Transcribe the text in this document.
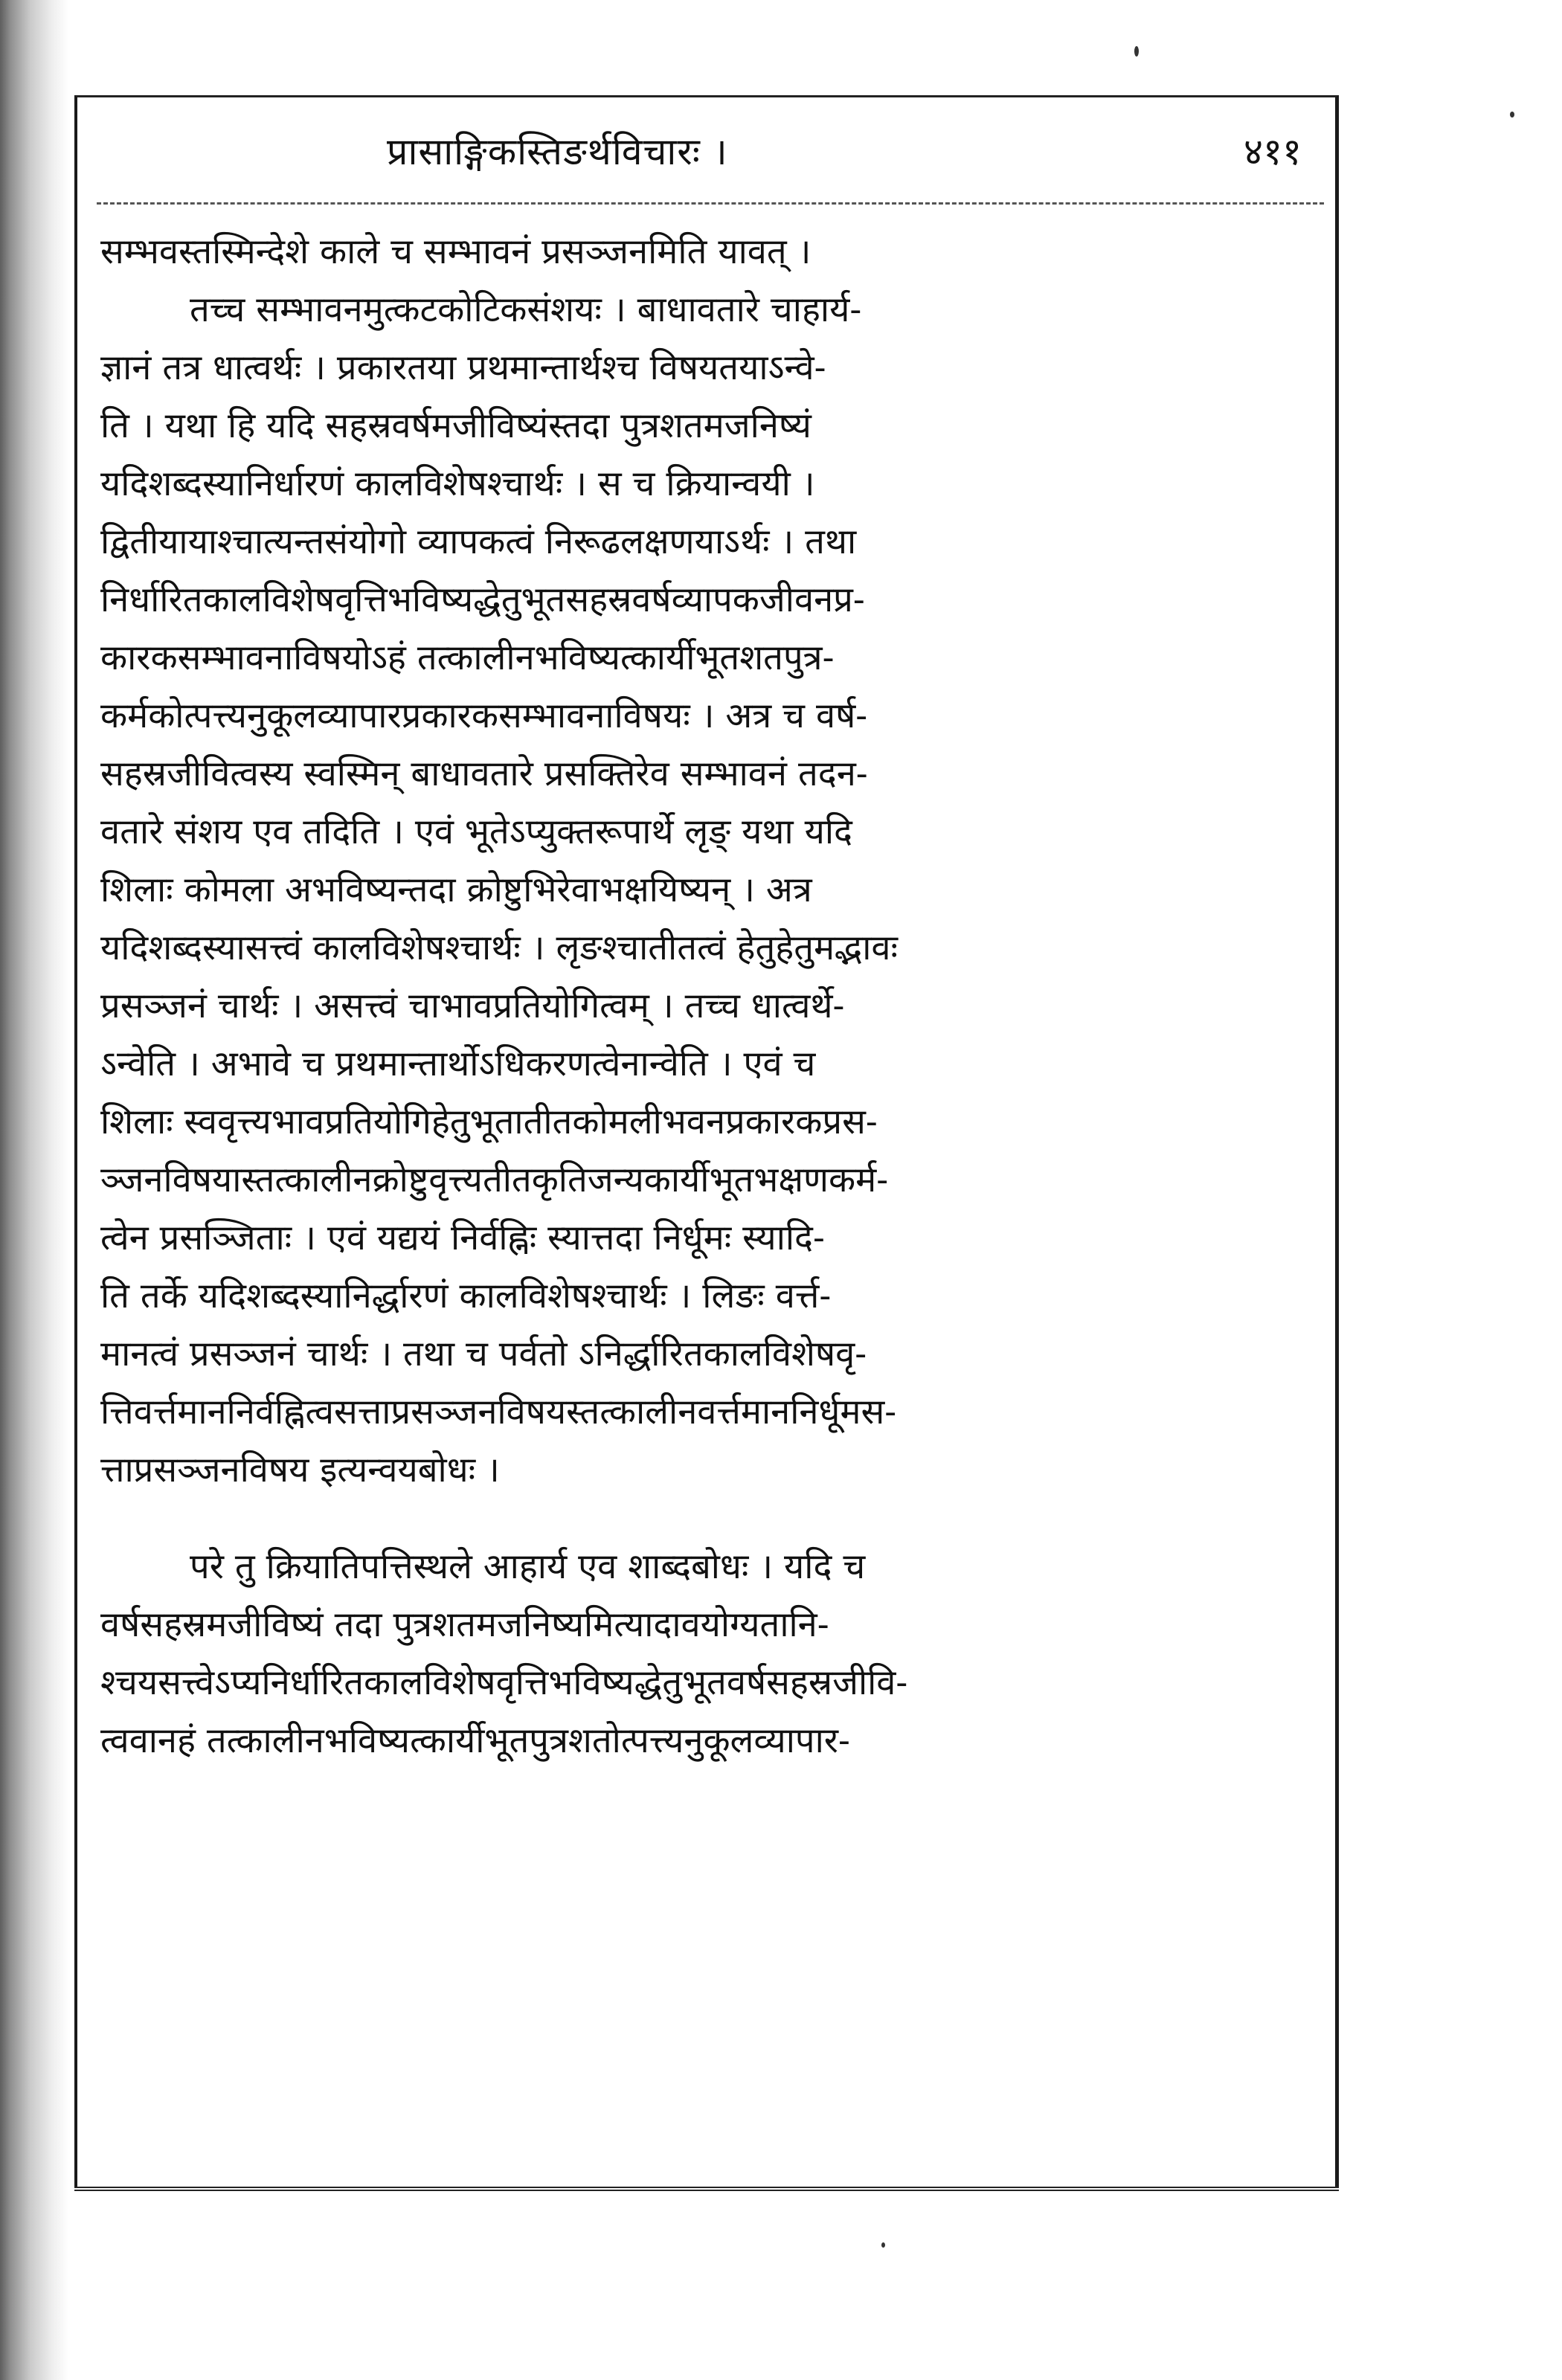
प्रासाङ्गिकस्तिङर्थविचारः ।	४११
सम्भवस्तस्मिन्देशे काले च सम्भावनं प्रसञ्जनमिति यावत् ।
तच्च सम्भावनमुत्कटकोटिकसंशयः । बाधावतारे चाहार्य-
ज्ञानं तत्र धात्वर्थः । प्रकारतया प्रथमान्तार्थश्च विषयतयाऽन्वे-
ति । यथा हि यदि सहस्रवर्षमजीविष्यंस्तदा पुत्रशतमजनिष्यं
यदिशब्दस्यानिर्धारणं कालविशेषश्चार्थः । स च क्रियान्वयी ।
द्वितीयायाश्चात्यन्तसंयोगो व्यापकत्वं निरूढलक्षणयाऽर्थः । तथा
निर्धारितकालविशेषवृत्तिभविष्यद्धेतुभूतसहस्रवर्षव्यापकजीवनप्र-
कारकसम्भावनाविषयोऽहं तत्कालीनभविष्यत्कार्यीभूतशतपुत्र-
कर्मकोत्पत्त्यनुकूलव्यापारप्रकारकसम्भावनाविषयः । अत्र च वर्ष-
सहस्रजीवित्वस्य स्वस्मिन् बाधावतारे प्रसक्तिरेव सम्भावनं तदन-
वतारे संशय एव तदिति । एवं भूतेऽप्युक्तरूपार्थे लृङ् यथा यदि
शिलाः कोमला अभविष्यन्तदा क्रोष्टुभिरेवाभक्षयिष्यन् । अत्र
यदिशब्दस्यासत्त्वं कालविशेषश्चार्थः । लृङश्चातीतत्वं हेतुहेतुमद्भावः
प्रसञ्जनं चार्थः । असत्त्वं चाभावप्रतियोगित्वम् । तच्च धात्वर्थे-
ऽन्वेति । अभावे च प्रथमान्तार्थोऽधिकरणत्वेनान्वेति । एवं च
शिलाः स्ववृत्त्यभावप्रतियोगिहेतुभूतातीतकोमलीभवनप्रकारकप्रस-
ञ्जनविषयास्तत्कालीनक्रोष्टुवृत्त्यतीतकृतिजन्यकार्यीभूतभक्षणकर्म-
त्वेन प्रसञ्जिताः । एवं यद्ययं निर्वह्निः स्यात्तदा निर्धूमः स्यादि-
ति तर्के यदिशब्दस्यानिर्द्धारणं कालविशेषश्चार्थः । लिङः वर्त्त-
मानत्वं प्रसञ्जनं चार्थः । तथा च पर्वतो ऽनिर्द्धारितकालविशेषवृ-
त्तिवर्त्तमाननिर्वह्नित्वसत्ताप्रसञ्जनविषयस्तत्कालीनवर्त्तमाननिर्धूमस-
त्ताप्रसञ्जनविषय इत्यन्वयबोधः ।
परे तु क्रियातिपत्तिस्थले आहार्य एव शाब्दबोधः । यदि च
वर्षसहस्रमजीविष्यं तदा पुत्रशतमजनिष्यमित्यादावयोग्यतानि-
श्चयसत्त्वेऽप्यनिर्धारितकालविशेषवृत्तिभविष्यद्धेतुभूतवर्षसहस्रजीवि-
त्ववानहं तत्कालीनभविष्यत्कार्यीभूतपुत्रशतोत्पत्त्यनुकूलव्यापार-
